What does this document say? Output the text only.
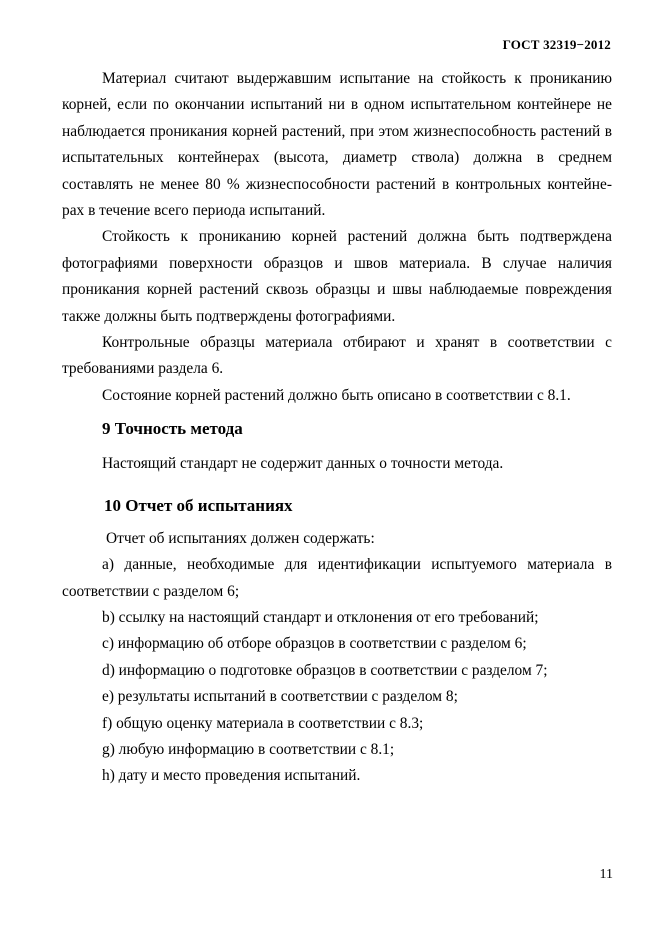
ГОСТ 32319−2012

Материал считают выдержавшим испытание на стойкость к прониканию корней, если по окончании испытаний ни в одном испытательном контейнере не наблюдается проникания корней растений, при этом жизнеспособность растений в испытательных контейнерах (высота, диаметр ствола) должна в среднем составлять не менее 80 % жизнеспособности растений в контрольных контейне-рах в течение всего периода испытаний.

Стойкость к прониканию корней растений должна быть подтверждена фотографиями поверхности образцов и швов материала. В случае наличия проникания корней растений сквозь образцы и швы наблюдаемые повреждения также должны быть подтверждены фотографиями.

Контрольные образцы материала отбирают и хранят в соответствии с требованиями раздела 6.

Состояние корней растений должно быть описано в соответствии с 8.1.

9 Точность метода

Настоящий стандарт не содержит данных о точности метода.

10 Отчет об испытаниях

Отчет об испытаниях должен содержать:

а) данные, необходимые для идентификации испытуемого материала в соответствии с разделом 6;

b) ссылку на настоящий стандарт и отклонения от его требований;

c) информацию об отборе образцов в соответствии с разделом 6;

d) информацию о подготовке образцов в соответствии с разделом 7;

e) результаты испытаний в соответствии с разделом 8;

f) общую оценку материала в соответствии с 8.3;

g) любую информацию в соответствии с 8.1;

h) дату и место проведения испытаний.

11
